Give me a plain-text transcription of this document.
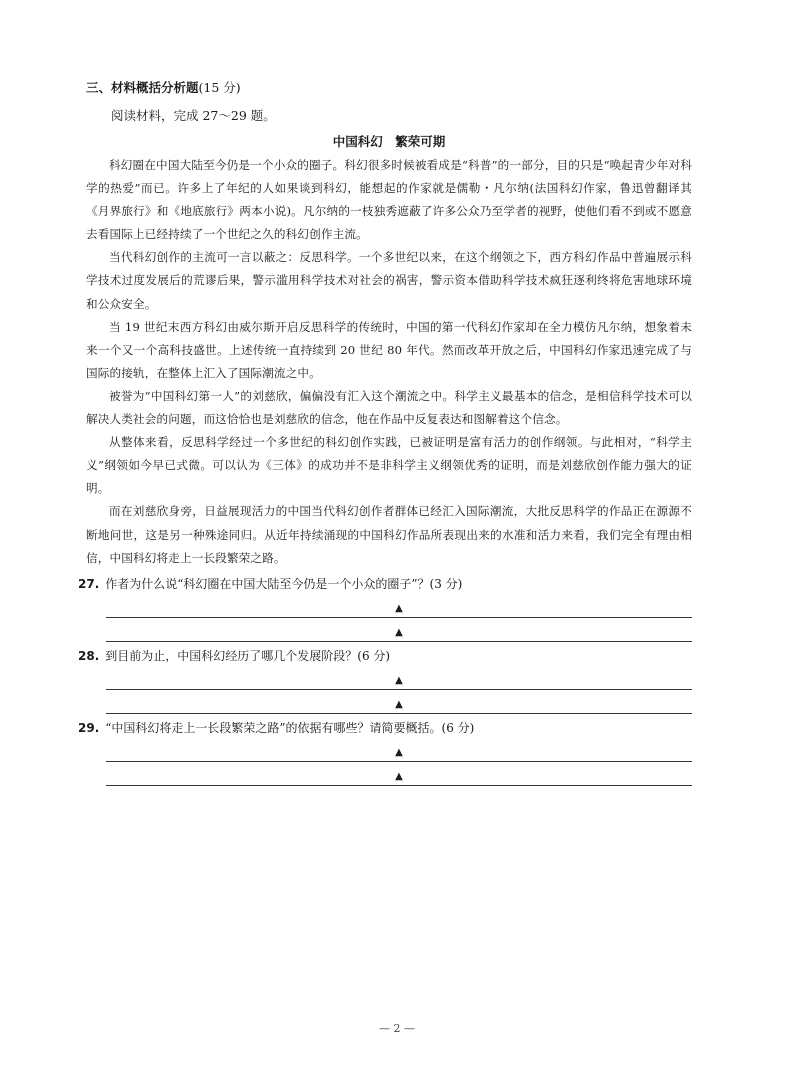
三、材料概括分析题(15 分)

阅读材料，完成 27～29 题。

中国科幻　繁荣可期

科幻圈在中国大陆至今仍是一个小众的圈子。科幻很多时候被看成是“科普”的一部分，目的只是“唤起青少年对科学的热爱”而已。许多上了年纪的人如果谈到科幻，能想起的作家就是儒勒・凡尔纳(法国科幻作家，鲁迅曾翻译其《月界旅行》和《地底旅行》两本小说)。凡尔纳的一枝独秀遮蔽了许多公众乃至学者的视野，使他们看不到或不愿意去看国际上已经持续了一个世纪之久的科幻创作主流。

当代科幻创作的主流可一言以蔽之：反思科学。一个多世纪以来，在这个纲领之下，西方科幻作品中普遍展示科学技术过度发展后的荒谬后果，警示滥用科学技术对社会的祸害，警示资本借助科学技术疯狂逐利终将危害地球环境和公众安全。

当 19 世纪末西方科幻由威尔斯开启反思科学的传统时，中国的第一代科幻作家却在全力模仿凡尔纳，想象着未来一个又一个高科技盛世。上述传统一直持续到 20 世纪 80 年代。然而改革开放之后，中国科幻作家迅速完成了与国际的接轨，在整体上汇入了国际潮流之中。

被誉为“中国科幻第一人”的刘慈欣，偏偏没有汇入这个潮流之中。科学主义最基本的信念，是相信科学技术可以解决人类社会的问题，而这恰恰也是刘慈欣的信念，他在作品中反复表达和图解着这个信念。

从整体来看，反思科学经过一个多世纪的科幻创作实践，已被证明是富有活力的创作纲领。与此相对，“科学主义”纲领如今早已式微。可以认为《三体》的成功并不是非科学主义纲领优秀的证明，而是刘慈欣创作能力强大的证明。

而在刘慈欣身旁，日益展现活力的中国当代科幻创作者群体已经汇入国际潮流，大批反思科学的作品正在源源不断地问世，这是另一种殊途同归。从近年持续涌现的中国科幻作品所表现出来的水准和活力来看，我们完全有理由相信，中国科幻将走上一长段繁荣之路。

27. 作者为什么说“科幻圈在中国大陆至今仍是一个小众的圈子”？(3 分)

▲
▲

28. 到目前为止，中国科幻经历了哪几个发展阶段？(6 分)

▲
▲

29. “中国科幻将走上一长段繁荣之路”的依据有哪些？请简要概括。(6 分)

▲
▲
— 2 —
